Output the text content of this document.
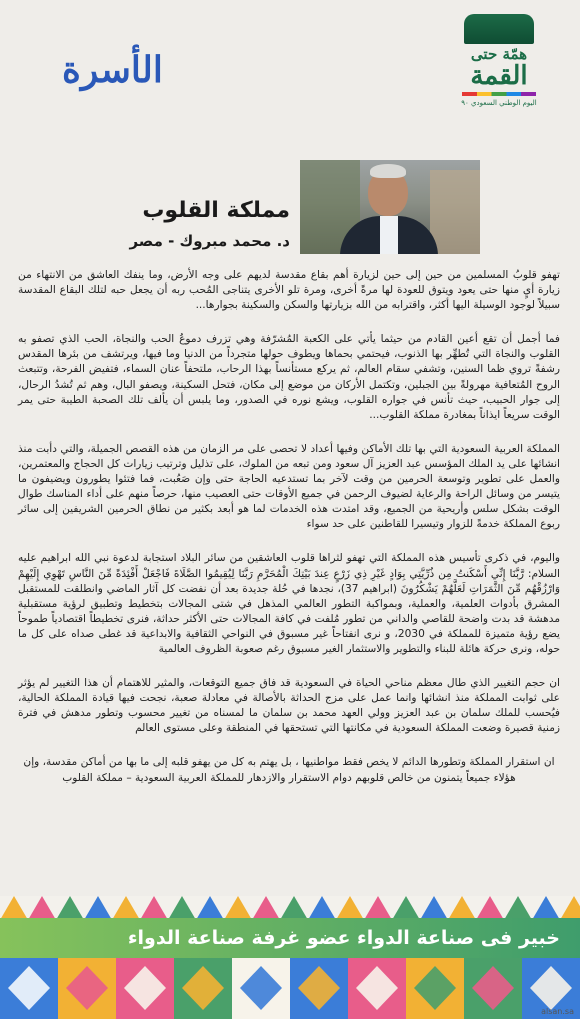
الأسرة	همّة حتى
القمة
اليوم الوطني السعودي ٩٠
مملكة القلوب
د. محمد مبروك - مصر

تهفو قلوبُ المسلمين من حين إلى حين لزيارة أهم بقاع مقدسة لديهم على وجه الأرض، وما ينفك العاشق من الانتهاء من زيارة أيٍ منها حتى يعود ويتوق للعودة لها مرةً أخرى، ومرة تلو الأخرى يتناجى المُحب ربه أن يجعل حبه لتلك البقاع المقدسة سبيلاً لوجود الوسيلة اليها أكثر، واقترابه من الله بزيارتها والسكن والسكينة بجوارها...

فما أجمل أن تقع أعين القادم من حيثما يأتي على الكعبة المُشرّفة وهي تزرف دموعُ الحب والنجاة، الحب الذي تصفو به القلوب والنجاة التي تُطهِّر بها الذنوب، فيحتمي بحماها ويطوف حولها متجرداً من الدنيا وما فيها، ويرتشف من بئرها المقدس رشفةً تروي ظما السنين، وتشفي سقام العالم، ثم يركع مستأنساً بهذا الرحاب، ملتحفاً عنان السماء، فتفيض الفرحة، وتتبعث الروح المُتعافية مهرولةً بين الجبلين، وتكتمل الأركان من موضع إلى مكان، فتحل السكينة، ويصفو البال، وهم ثم تُشدُ الرحال، إلى جوار الحبيب، حيث تأنس في جواره القلوب، ويشع نوره في الصدور، وما يلبس أن يألف تلك الصحبة الطيبة حتى يمر الوقت سريعاً ايذاناً بمغادرة مملكة القلوب...

المملكة العربية السعودية التي بها تلك الأماكن وفيها أعداد لا تحصى على مر الزمان من هذه القصص الجميلة، والتي دأبت منذ انشائها على يد الملك المؤسس عبد العزيز آل سعود ومن تبعه من الملوك، على تذليل وترتيب زيارات كل الحجاج والمعتمرين، والعمل على تطوير وتوسعة الحرمين من وقت لآخر بما تستدعيه الحاجة حتى وإن صَعُبت، فما فتئوا يطورون ويضيفون ما يتيسر من وسائل الراحة والرعاية لضيوف الرحمن في جميع الأوقات حتى العصيب منها، حرصاً منهم على أداء المناسك طوال الوقت بشكل سلس وأريحية من الجميع، وقد امتدت هذه الخدمات لما هو أبعد بكثير من نطاق الحرمين الشريفين إلى سائر ربوع المملكة خدمةً للزوار وتيسيرا للقاطنين على حد سواء

واليوم، في ذكرى تأسيس هذه المملكة التي تهفو لثراها قلوب العاشقين من سائر البلاد استجابة لدعوة نبي الله ابراهيم عليه السلام: رَّبَّنَا إِنِّي أَسْكَنتُ مِن ذُرِّيَّتِي بِوَادٍ غَيْرِ ذِي زَرْعٍ عِندَ بَيْتِكَ الْمُحَرَّمِ رَبَّنَا لِيُقِيمُوا الصَّلَاةَ فَاجْعَلْ أَفْئِدَةً مِّنَ النَّاسِ تَهْوِي إِلَيْهِمْ وَارْزُقْهُم مِّنَ الثَّمَرَاتِ لَعَلَّهُمْ يَشْكُرُونَ (ابراهيم 37)، نجدها في حُلة جديدة بعد أن نفضت كل آثار الماضي وانطلقت للمستقبل المشرق بأدوات العلمية، والعملية، وبمواكبة التطور العالمي المذهل في شتى المجالات بتخطيط وتطبيق لرؤية مستقبلية مدهشة قد بدت واضحة للقاصي والداني من تطور مُلفت في كافة المجالات حتى الأكثر حداثة، فنرى تخطيطاً اقتصادياً طموحاً يضع رؤية متميزة للمملكة في 2030، و نرى انفتاحاً غير مسبوق في النواحي الثقافية والابداعية قد غطى صداه على كل ما حوله، ونرى حركة هائلة للبناء والتطوير والاستثمار الغير مسبوق رغم صعوبة الظروف العالمية

ان حجم التغيير الذي طال معظم مناحي الحياة في السعودية قد فاق جميع التوقعات، والمثير للاهتمام أن هذا التغيير لم يؤثر على ثوابت المملكة منذ انشائها وانما عمل على مزج الحداثة بالأصالة في معادلة صعبة، نجحت فيها قيادة المملكة الحالية، فيُحسب للملك سلمان بن عبد العزيز وولي العهد محمد بن سلمان ما لمسناه من تغيير محسوب وتطور مدهش في فترة زمنية قصيرة وضعت المملكة السعودية في مكانتها التي تستحقها في المنطقة وعلى مستوى العالم

ان استقرار المملكة وتطورها الدائم لا يخص فقط مواطنيها ، بل يهتم به كل من يهفو قلبه إلى ما بها من أماكن مقدسة، وإن هؤلاء جميعاً يتمنون من خالص قلوبهم دوام الاستقرار والازدهار للمملكة العربية السعودية – مملكة القلوب

خبير فى صناعة الدواء عضو غرفة صناعة الدواء
alsan.sa
